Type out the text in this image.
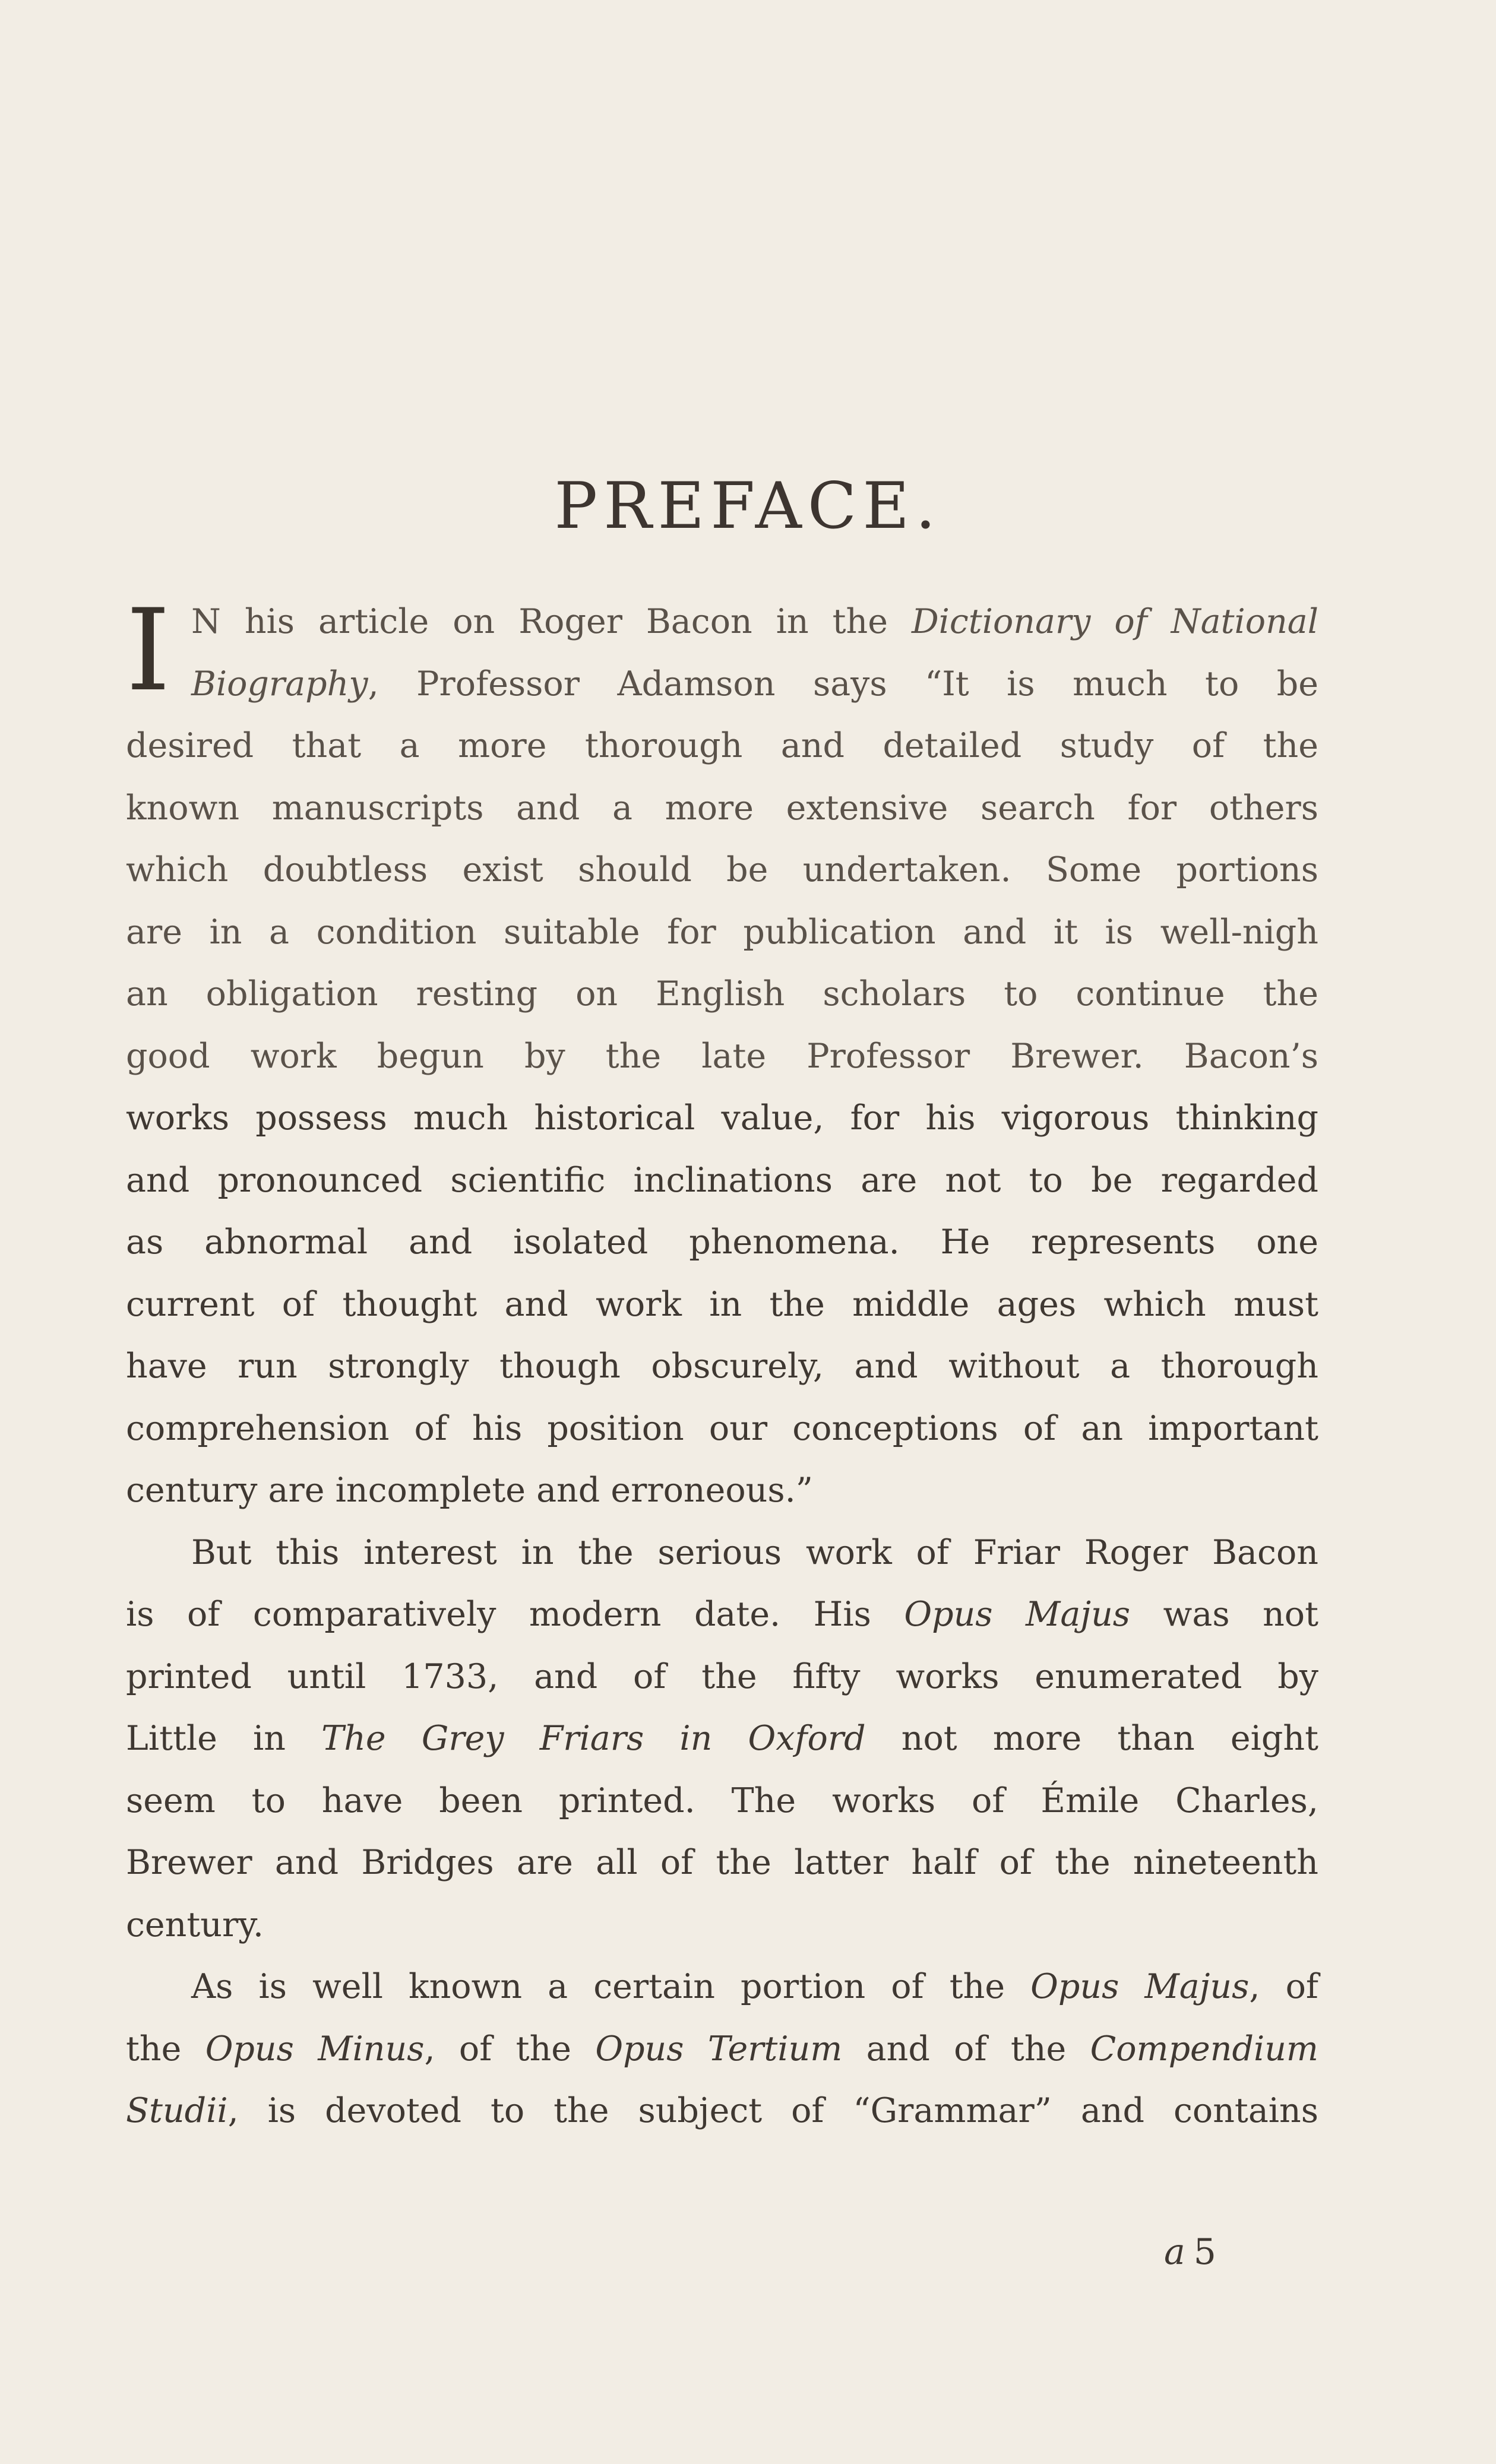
PREFACE.
I N his article on Roger Bacon in the Dictionary of National
Biography, Professor Adamson says “It is much to be
desired that a more thorough and detailed study of the
known manuscripts and a more extensive search for others
which doubtless exist should be undertaken. Some portions
are in a condition suitable for publication and it is well-nigh
an obligation resting on English scholars to continue the
good work begun by the late Professor Brewer. Bacon’s
works possess much historical value, for his vigorous thinking
and pronounced scientific inclinations are not to be regarded
as abnormal and isolated phenomena. He represents one
current of thought and work in the middle ages which must
have run strongly though obscurely, and without a thorough
comprehension of his position our conceptions of an important
century are incomplete and erroneous.”
But this interest in the serious work of Friar Roger Bacon
is of comparatively modern date. His Opus Majus was not
printed until 1733, and of the fifty works enumerated by
Little in The Grey Friars in Oxford not more than eight
seem to have been printed. The works of Émile Charles,
Brewer and Bridges are all of the latter half of the nineteenth
century.
As is well known a certain portion of the Opus Majus, of
the Opus Minus, of the Opus Tertium and of the Compendium
Studii, is devoted to the subject of “Grammar” and contains
a 5
